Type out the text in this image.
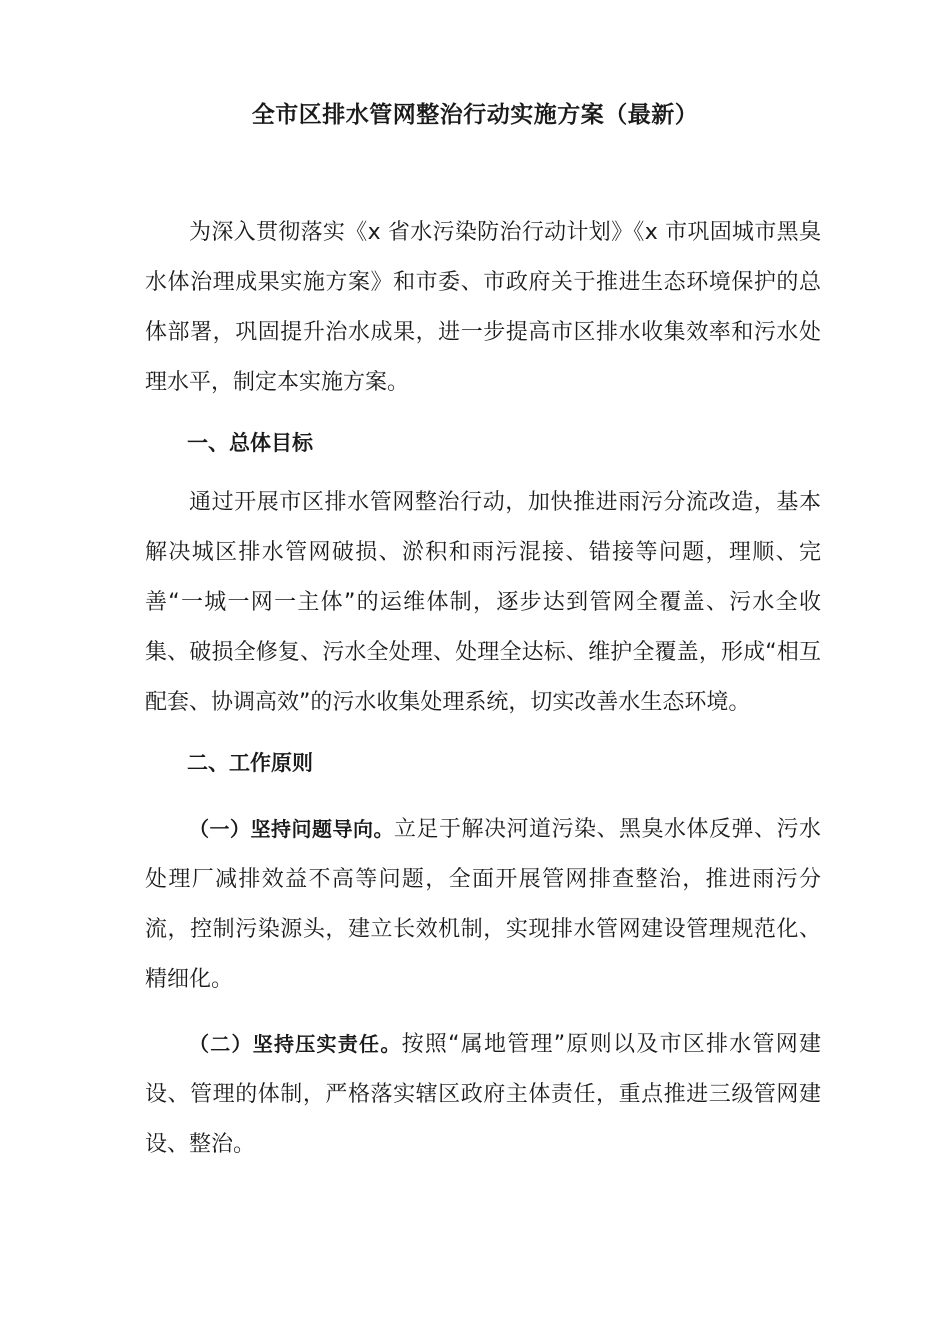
全市区排水管网整治行动实施方案（最新）

为深入贯彻落实《x 省水污染防治行动计划》《x 市巩固城市黑臭水体治理成果实施方案》和市委、市政府关于推进生态环境保护的总体部署，巩固提升治水成果，进一步提高市区排水收集效率和污水处理水平，制定本实施方案。

一、总体目标

通过开展市区排水管网整治行动，加快推进雨污分流改造，基本解决城区排水管网破损、淤积和雨污混接、错接等问题，理顺、完善“一城一网一主体”的运维体制，逐步达到管网全覆盖、污水全收集、破损全修复、污水全处理、处理全达标、维护全覆盖，形成“相互配套、协调高效”的污水收集处理系统，切实改善水生态环境。

二、工作原则

（一）坚持问题导向。立足于解决河道污染、黑臭水体反弹、污水处理厂减排效益不高等问题，全面开展管网排查整治，推进雨污分流，控制污染源头，建立长效机制，实现排水管网建设管理规范化、精细化。

（二）坚持压实责任。按照“属地管理”原则以及市区排水管网建设、管理的体制，严格落实辖区政府主体责任，重点推进三级管网建设、整治。
